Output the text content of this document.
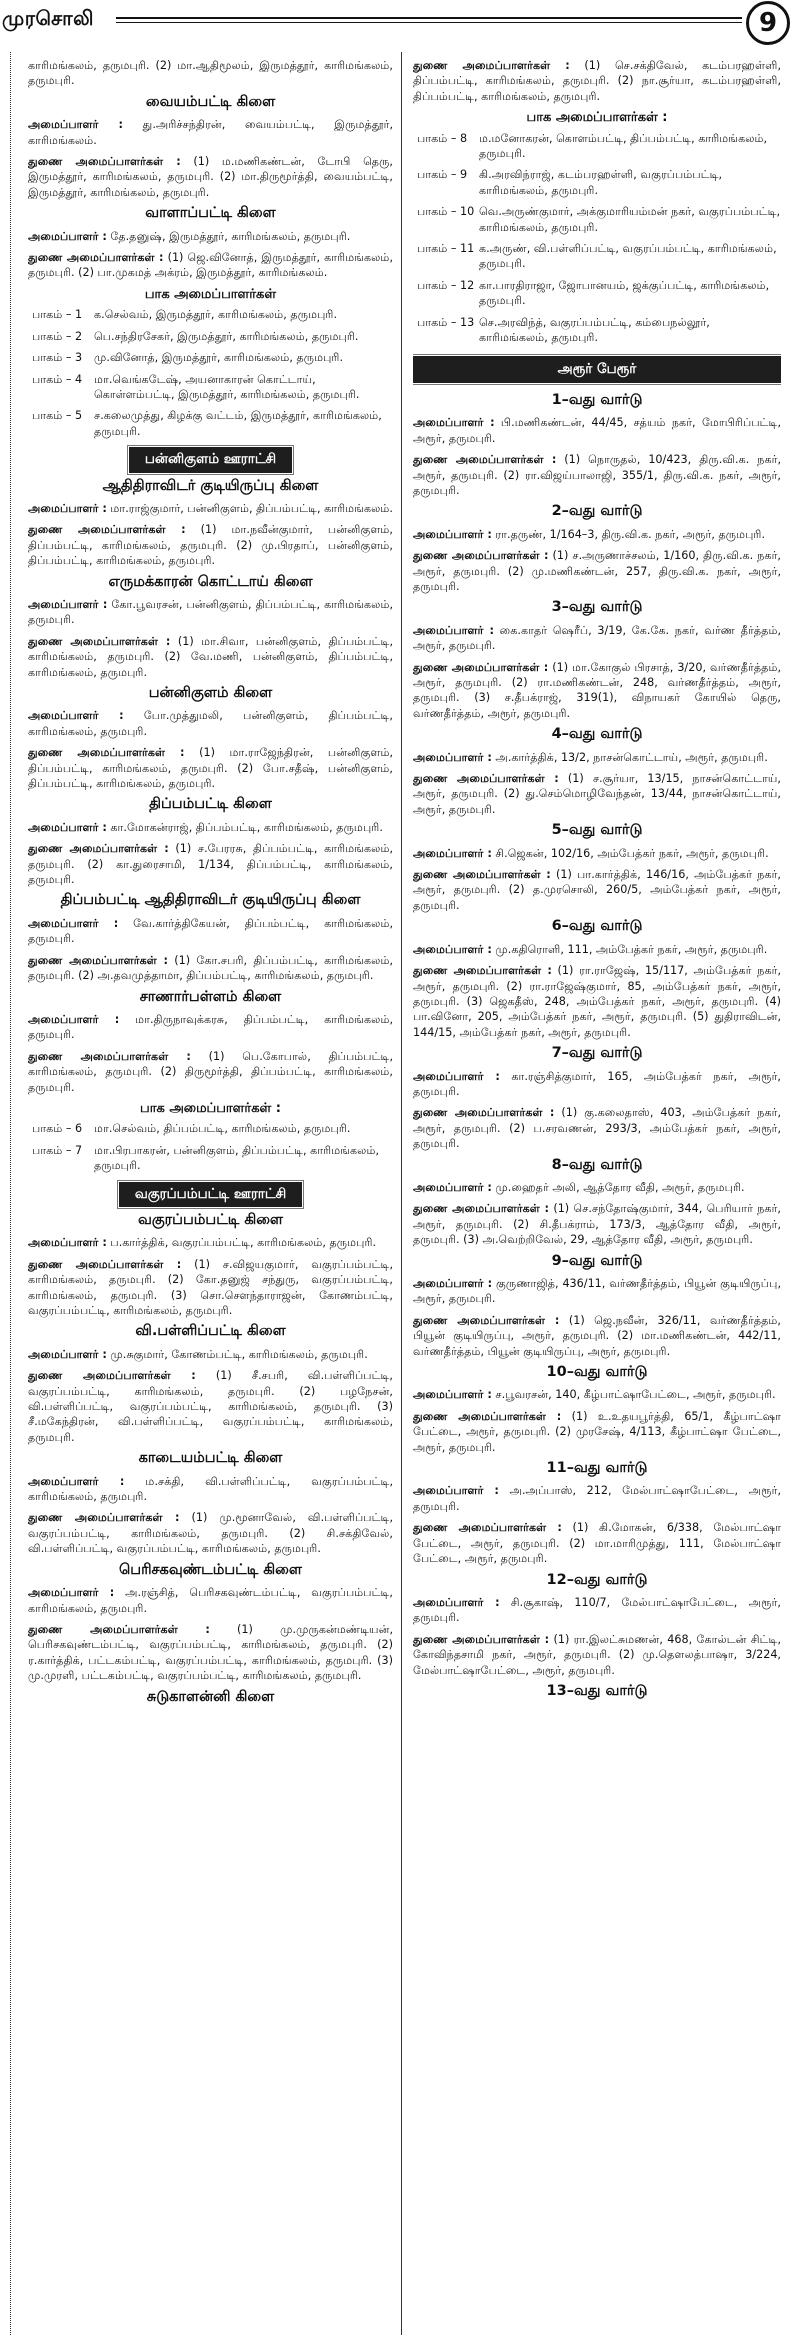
முரசொலி	9

காரிமங்கலம், தருமபுரி. (2) மா.ஆதிமூலம், இருமத்தூர், காரிமங்கலம், தருமபுரி.

வையம்பட்டி கிளை

அமைப்பாளர் : து.அரிச்சந்திரன், வையம்பட்டி, இருமத்தூர், காரிமங்கலம்.

துணை அமைப்பாளர்கள் : (1) ம.மணிகண்டன், டோபி தெரு, இருமத்தூர், காரிமங்கலம், தருமபுரி. (2) மா.திருமூர்த்தி, வையம்பட்டி, இருமத்தூர், காரிமங்கலம், தருமபுரி.

வாளாப்பட்டி கிளை

அமைப்பாளர் : தே.தனுஷ், இருமத்தூர், காரிமங்கலம், தருமபுரி.

துணை அமைப்பாளர்கள் : (1) ஜெ.வினோத், இருமத்தூர், காரிமங்கலம், தருமபுரி. (2) பா.முகமத் அக்ரம், இருமத்தூர், காரிமங்கலம்.

பாக அமைப்பாளர்கள்
பாகம் – 1	க.செல்வம், இருமத்தூர், காரிமங்கலம், தருமபுரி.
பாகம் – 2	பெ.சந்திரசேகர், இருமத்தூர், காரிமங்கலம், தருமபுரி.
பாகம் – 3	மு.வினோத், இருமத்தூர், காரிமங்கலம், தருமபுரி.
பாகம் – 4	மா.வெங்கடேஷ், அயனாகாரன் கொட்டாய், கொள்ளம்பட்டி, இருமத்தூர், காரிமங்கலம், தருமபுரி.
பாகம் – 5	ச.கலைமுத்து, கிழக்கு வட்டம், இருமத்தூர், காரிமங்கலம், தருமபுரி.
பன்னிகுளம் ஊராட்சி
ஆதிதிராவிடர் குடியிருப்பு கிளை

அமைப்பாளர் : மா.ராஜ்குமார், பன்னிகுளம், திப்பம்பட்டி, காரிமங்கலம்.

துணை அமைப்பாளர்கள் : (1) மா.நவீன்குமார், பன்னிகுளம், திப்பம்பட்டி, காரிமங்கலம், தருமபுரி. (2) மு.பிரதாப், பன்னிகுளம், திப்பம்பட்டி, காரிமங்கலம், தருமபுரி.

எருமக்காரன் கொட்டாய் கிளை

அமைப்பாளர் : கோ.பூவரசன், பன்னிகுளம், திப்பம்பட்டி, காரிமங்கலம், தருமபுரி.

துணை அமைப்பாளர்கள் : (1) மா.சிவா, பன்னிகுளம், திப்பம்பட்டி, காரிமங்கலம், தருமபுரி. (2) வே.மணி, பன்னிகுளம், திப்பம்பட்டி, காரிமங்கலம், தருமபுரி.

பன்னிகுளம் கிளை

அமைப்பாளர் : போ.முத்துமலி, பன்னிகுளம், திப்பம்பட்டி, காரிமங்கலம், தருமபுரி.

துணை அமைப்பாளர்கள் : (1) மா.ராஜேந்திரன், பன்னிகுளம், திப்பம்பட்டி, காரிமங்கலம், தருமபுரி. (2) போ.சதீஷ், பன்னிகுளம், திப்பம்பட்டி, காரிமங்கலம், தருமபுரி.

திப்பம்பட்டி கிளை

அமைப்பாளர் : கா.மோகன்ராஜ், திப்பம்பட்டி, காரிமங்கலம், தருமபுரி.

துணை அமைப்பாளர்கள் : (1) ச.பேரரசு, திப்பம்பட்டி, காரிமங்கலம், தருமபுரி. (2) கா.துரைசாமி, 1/134, திப்பம்பட்டி, காரிமங்கலம், தருமபுரி.

திப்பம்பட்டி ஆதிதிராவிடர் குடியிருப்பு கிளை

அமைப்பாளர் : வே.கார்த்திகேயன், திப்பம்பட்டி, காரிமங்கலம், தருமபுரி.

துணை அமைப்பாளர்கள் : (1) கோ.சபரி, திப்பம்பட்டி, காரிமங்கலம், தருமபுரி. (2) அ.தவமுத்தாமா, திப்பம்பட்டி, காரிமங்கலம், தருமபுரி.

சாணார்பள்ளம் கிளை

அமைப்பாளர் : மா.திருநாவுக்கரசு, திப்பம்பட்டி, காரிமங்கலம், தருமபுரி.

துணை அமைப்பாளர்கள் : (1) பெ.கோபால், திப்பம்பட்டி, காரிமங்கலம், தருமபுரி. (2) திருமூர்த்தி, திப்பம்பட்டி, காரிமங்கலம், தருமபுரி.

பாக அமைப்பாளர்கள் :
பாகம் – 6	மா.செல்வம், திப்பம்பட்டி, காரிமங்கலம், தருமபுரி.
பாகம் – 7	மா.பிரபாகரன், பன்னிகுளம், திப்பம்பட்டி, காரிமங்கலம், தருமபுரி.
வகுரப்பம்பட்டி ஊராட்சி
வகுரப்பம்பட்டி கிளை

அமைப்பாளர் : ப.கார்த்திக், வகுரப்பம்பட்டி, காரிமங்கலம், தருமபுரி.

துணை அமைப்பாளர்கள் : (1) ச.விஜயகுமார், வகுரப்பம்பட்டி, காரிமங்கலம், தருமபுரி. (2) கோ.தனுஜ் சந்துரு, வகுரப்பம்பட்டி, காரிமங்கலம், தருமபுரி. (3) சொ.சௌந்தாராஜன், கோணம்பட்டி, வகுரப்பம்பட்டி, காரிமங்கலம், தருமபுரி.

வி.பள்ளிப்பட்டி கிளை

அமைப்பாளர் : மு.சுகுமார், கோணம்பட்டி, காரிமங்கலம், தருமபுரி.

துணை அமைப்பாளர்கள் : (1) சீ.சபரி, வி.பள்ளிப்பட்டி, வகுரப்பம்பட்டி, காரிமங்கலம், தருமபுரி. (2) பழநேசன், வி.பள்ளிப்பட்டி, வகுரப்பம்பட்டி, காரிமங்கலம், தருமபுரி. (3) சீ.மகேந்திரன், வி.பள்ளிப்பட்டி, வகுரப்பம்பட்டி, காரிமங்கலம், தருமபுரி.

காடையம்பட்டி கிளை

அமைப்பாளர் : ம.சக்தி, வி.பள்ளிப்பட்டி, வகுரப்பம்பட்டி, காரிமங்கலம், தருமபுரி.

துணை அமைப்பாளர்கள் : (1) மு.மூனாவேல், வி.பள்ளிப்பட்டி, வகுரப்பம்பட்டி, காரிமங்கலம், தருமபுரி. (2) சி.சக்திவேல், வி.பள்ளிப்பட்டி, வகுரப்பம்பட்டி, காரிமங்கலம், தருமபுரி.

பெரிசகவுண்டம்பட்டி கிளை

அமைப்பாளர் : அ.ரஞ்சித், பெரிசகவுண்டம்பட்டி, வகுரப்பம்பட்டி, காரிமங்கலம், தருமபுரி.

துணை அமைப்பாளர்கள் : (1) மு.முருகன்மண்டியன், பெரிசகவுண்டம்பட்டி, வகுரப்பம்பட்டி, காரிமங்கலம், தருமபுரி. (2) ர.கார்த்திக், பட்டகம்பட்டி, வகுரப்பம்பட்டி, காரிமங்கலம், தருமபுரி. (3) மு.முரளி, பட்டகம்பட்டி, வகுரப்பம்பட்டி, காரிமங்கலம், தருமபுரி.

சுடுகாளன்னி கிளை

துணை அமைப்பாளர்கள் : (1) செ.சக்திவேல், கடம்பரஹள்ளி, திப்பம்பட்டி, காரிமங்கலம், தருமபுரி. (2) நா.சூர்யா, கடம்பரஹள்ளி, திப்பம்பட்டி, காரிமங்கலம், தருமபுரி.

பாக அமைப்பாளர்கள் :
பாகம் – 8	ம.மனோகரன், கொளம்பட்டி, திப்பம்பட்டி, காரிமங்கலம், தருமபுரி.
பாகம் – 9	கி.அரவிந்ராஜ், கடம்பரஹள்ளி, வகுரப்பம்பட்டி, காரிமங்கலம், தருமபுரி.
பாகம் – 10 வெ.அருண்குமார், அக்குமாரியம்மன் நகர், வகுரப்பம்பட்டி, காரிமங்கலம், தருமபுரி.
பாகம் – 11 க.அருண், வி.பள்ளிப்பட்டி, வகுரப்பம்பட்டி, காரிமங்கலம், தருமபுரி.
பாகம் – 12 கா.பாரதிராஜா, ஜோபானயம், ஜக்குப்பட்டி, காரிமங்கலம், தருமபுரி.
பாகம் – 13 செ.அரவிந்த், வகுரப்பம்பட்டி, கம்பைநல்லூர், காரிமங்கலம், தருமபுரி.
அரூர் பேரூர்
1–வது வார்டு

அமைப்பாளர் : பி.மணிகண்டன், 44/45, சத்யம் நகர், மோபிரிப்பட்டி, அரூர், தருமபுரி.

துணை அமைப்பாளர்கள் : (1) நொருதல், 10/423, திரு.வி.க. நகர், அரூர், தருமபுரி. (2) ரா.விஜய்பாலாஜி, 355/1, திரு.வி.க. நகர், அரூர், தருமபுரி.

2–வது வார்டு

அமைப்பாளர் : ரா.தருண், 1/164–3, திரு.வி.க. நகர், அரூர், தருமபுரி.

துணை அமைப்பாளர்கள் : (1) ச.அருணாச்சலம், 1/160, திரு.வி.க. நகர், அரூர், தருமபுரி. (2) மு.மணிகண்டன், 257, திரு.வி.க. நகர், அரூர், தருமபுரி.

3–வது வார்டு

அமைப்பாளர் : கை.காதர் ஷெரீப், 3/19, கே.கே. நகர், வர்ண தீர்த்தம், அரூர், தருமபுரி.

துணை அமைப்பாளர்கள் : (1) மா.கோகுல் பிரசாத், 3/20, வர்ணதீர்த்தம், அரூர், தருமபுரி. (2) ரா.மணிகண்டன், 248, வர்ணதீர்த்தம், அரூர், தருமபுரி. (3) ச.தீபக்ராஜ், 319(1), விநாயகர் கோயில் தெரு, வர்ணதீர்த்தம், அரூர், தருமபுரி.

4–வது வார்டு

அமைப்பாளர் : அ.கார்த்திக், 13/2, நாசன்கொட்டாய், அரூர், தருமபுரி.

துணை அமைப்பாளர்கள் : (1) ச.சூர்யா, 13/15, நாசன்கொட்டாய், அரூர், தருமபுரி. (2) து.செம்மொழிவேந்தன், 13/44, நாசன்கொட்டாய், அரூர், தருமபுரி.

5–வது வார்டு

அமைப்பாளர் : சி.ஜெகன், 102/16, அம்பேத்கர் நகர், அரூர், தருமபுரி.

துணை அமைப்பாளர்கள் : (1) பா.கார்த்திக், 146/16, அம்பேத்கர் நகர், அரூர், தருமபுரி. (2) த.முரசொலி, 260/5, அம்பேத்கர் நகர், அரூர், தருமபுரி.

6–வது வார்டு

அமைப்பாளர் : மு.கதிரொளி, 111, அம்பேத்கர் நகர், அரூர், தருமபுரி.

துணை அமைப்பாளர்கள் : (1) ரா.ராஜேஷ், 15/117, அம்பேத்கர் நகர், அரூர், தருமபுரி. (2) ரா.ராஜேஷ்குமார், 85, அம்பேத்கர் நகர், அரூர், தருமபுரி. (3) ஜெகதீஸ், 248, அம்பேத்கர் நகர், அரூர், தருமபுரி. (4) பா.வினோ, 205, அம்பேத்கர் நகர், அரூர், தருமபுரி. (5) துதிராவிடன், 144/15, அம்பேத்கர் நகர், அரூர், தருமபுரி.

7–வது வார்டு

அமைப்பாளர் : கா.ரஞ்சித்குமார், 165, அம்பேத்கர் நகர், அரூர், தருமபுரி.

துணை அமைப்பாளர்கள் : (1) கு.கலைதாஸ், 403, அம்பேத்கர் நகர், அரூர், தருமபுரி. (2) ப.சரவணன், 293/3, அம்பேத்கர் நகர், அரூர், தருமபுரி.

8–வது வார்டு

அமைப்பாளர் : மு.ஹைதர் அலி, ஆத்தோர வீதி, அரூர், தருமபுரி.

துணை அமைப்பாளர்கள் : (1) செ.சந்தோஷ்குமார், 344, பெரியார் நகர், அரூர், தருமபுரி. (2) சி.தீபக்ராம், 173/3, ஆத்தோர வீதி, அரூர், தருமபுரி. (3) அ.வெற்றிவேல், 29, ஆத்தோர வீதி, அரூர், தருமபுரி.

9–வது வார்டு

அமைப்பாளர் : குருணாஜித், 436/11, வர்ணதீர்த்தம், பியூன் குடியிருப்பு, அரூர், தருமபுரி.

துணை அமைப்பாளர்கள் : (1) ஜெ.நவீன், 326/11, வர்ணதீர்த்தம், பியூன் குடியிருப்பு, அரூர், தருமபுரி. (2) மா.மணிகண்டன், 442/11, வர்ணதீர்த்தம், பியூன் குடியிருப்பு, அரூர், தருமபுரி.

10–வது வார்டு

அமைப்பாளர் : ச.பூவரசன், 140, கீழ்பாட்ஷாபேட்டை, அரூர், தருமபுரி.

துணை அமைப்பாளர்கள் : (1) உ.உதயபூர்த்தி, 65/1, கீழ்பாட்ஷா பேட்டை, அரூர், தருமபுரி. (2) முரசேஷ், 4/113, கீழ்பாட்ஷா பேட்டை, அரூர், தருமபுரி.

11–வது வார்டு

அமைப்பாளர் : அ.அப்பாஸ், 212, மேல்பாட்ஷாபேட்டை, அரூர், தருமபுரி.

துணை அமைப்பாளர்கள் : (1) கி.மோகன், 6/338, மேல்பாட்ஷா பேட்டை, அரூர், தருமபுரி. (2) மா.மாரிமுத்து, 111, மேல்பாட்ஷா பேட்டை, அரூர், தருமபுரி.

12–வது வார்டு

அமைப்பாளர் : சி.சூகாஷ், 110/7, மேல்பாட்ஷாபேட்டை, அரூர், தருமபுரி.

துணை அமைப்பாளர்கள் : (1) ரா.இலட்சுமணன், 468, கோல்டன் சிட்டி, கோவிந்தசாமி நகர், அரூர், தருமபுரி. (2) மு.தௌலத்பாஷா, 3/224, மேல்பாட்ஷாபேட்டை, அரூர், தருமபுரி.

13–வது வார்டு
